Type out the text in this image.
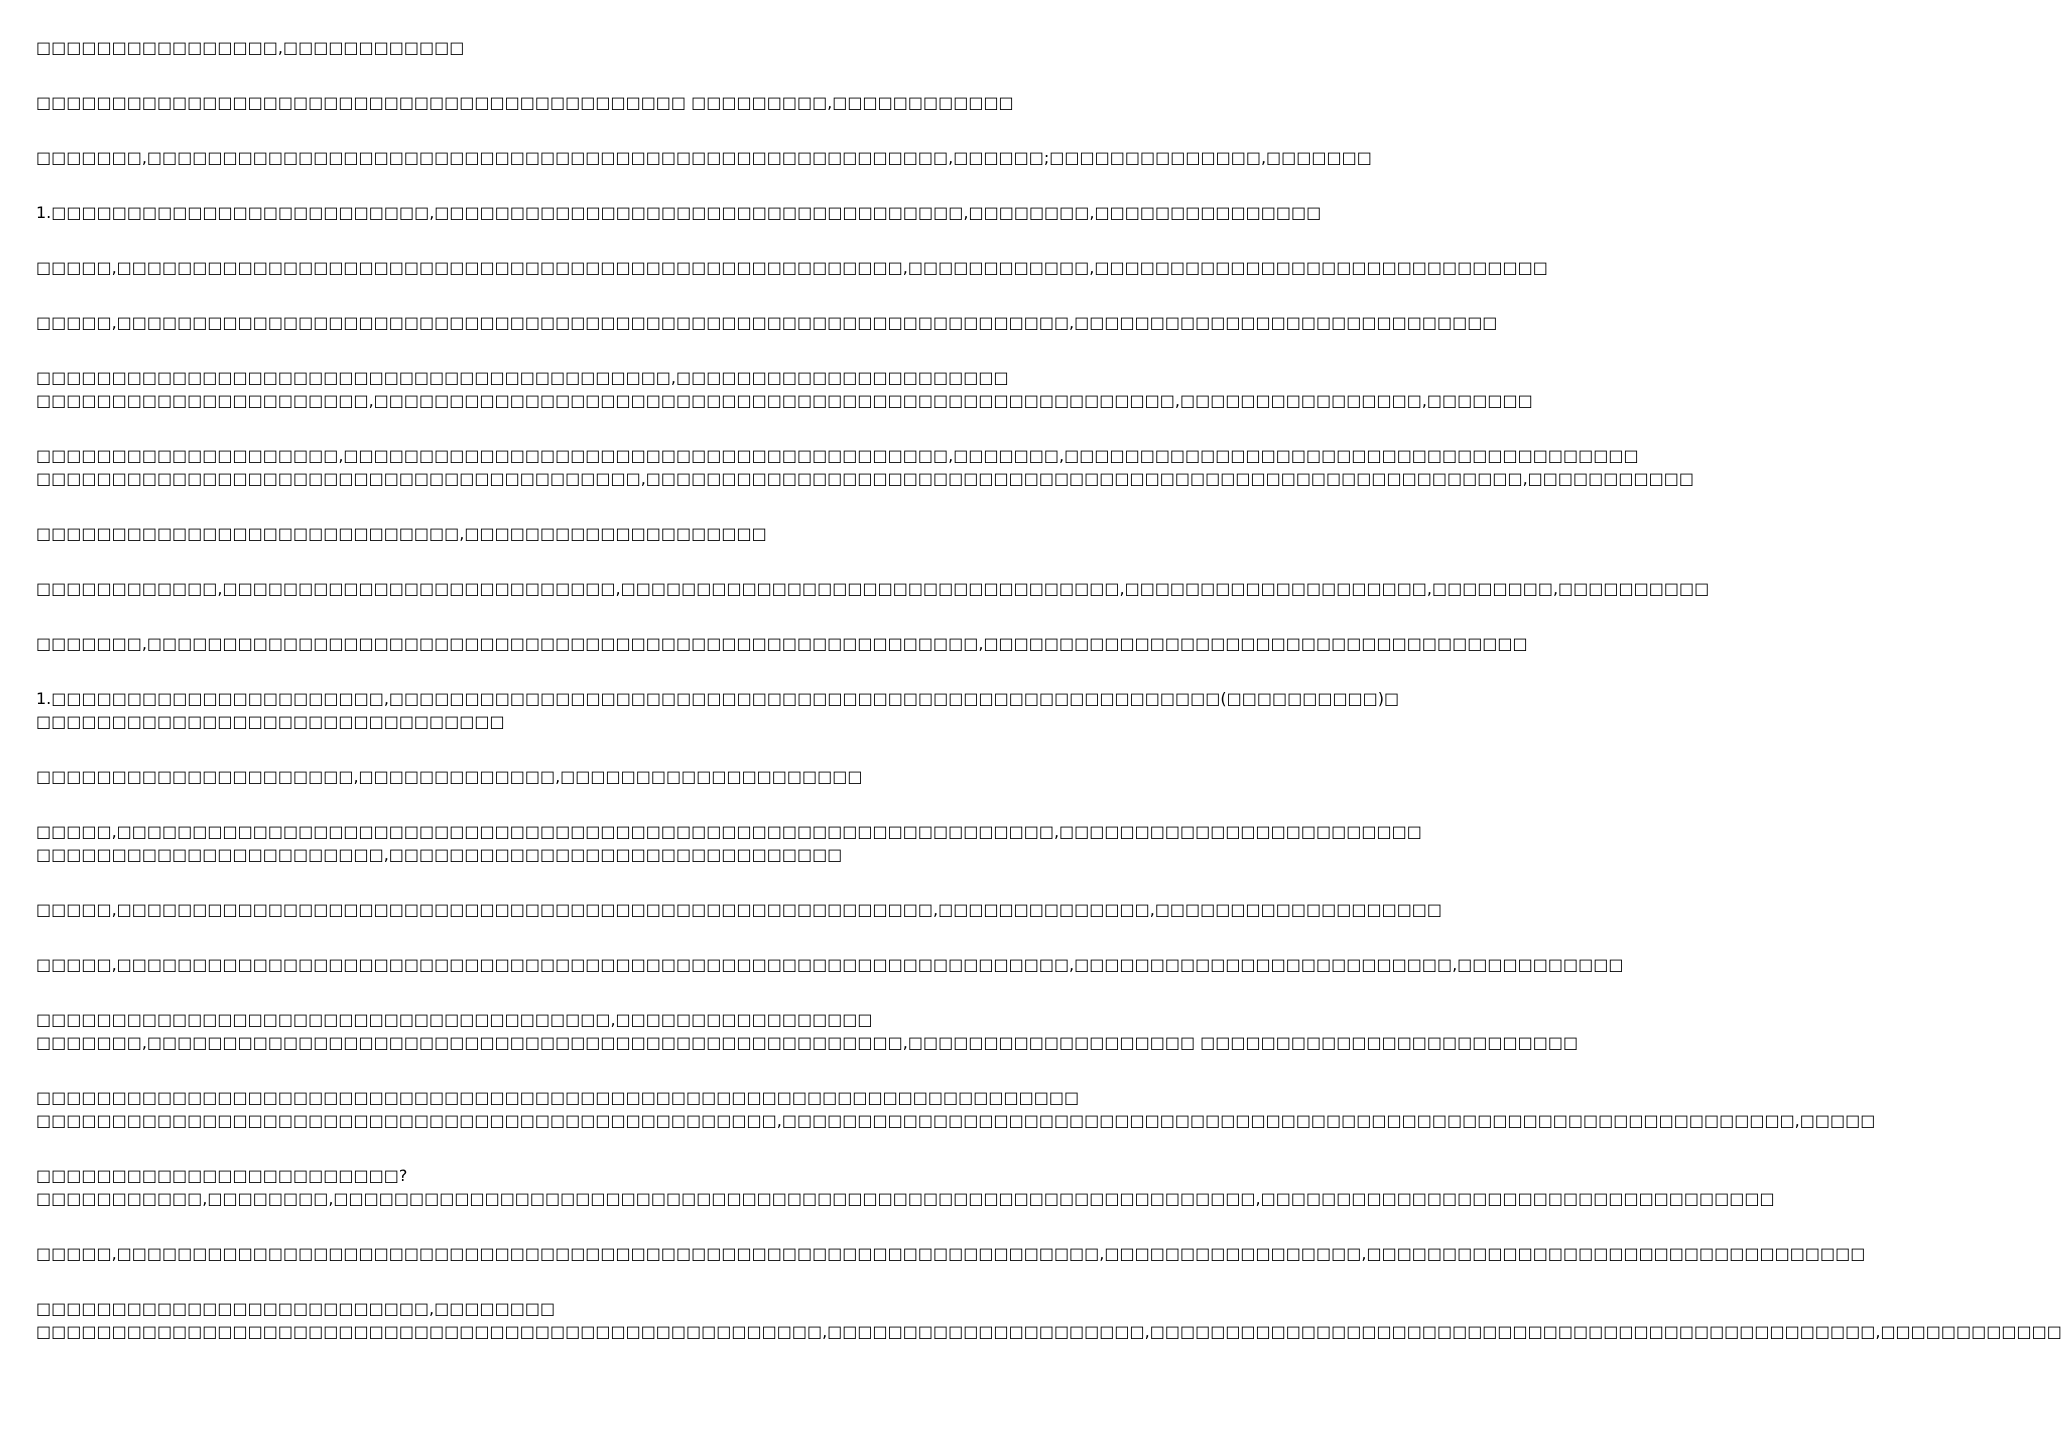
□□□□□□□□□□□□□□□□,□□□□□□□□□□□□
□□□□□□□□□□□□□□□□□□□□□□□□□□□□□□□□□□□□□□□□□□□ □□□□□□□□□,□□□□□□□□□□□□
□□□□□□□,□□□□□□□□□□□□□□□□□□□□□□□□□□□□□□□□□□□□□□□□□□□□□□□□□□□□□,□□□□□□;□□□□□□□□□□□□□□,□□□□□□□
1.□□□□□□□□□□□□□□□□□□□□□□□□□,□□□□□□□□□□□□□□□□□□□□□□□□□□□□□□□□□□□,□□□□□□□□,□□□□□□□□□□□□□□□
□□□□□,□□□□□□□□□□□□□□□□□□□□□□□□□□□□□□□□□□□□□□□□□□□□□□□□□□□□,□□□□□□□□□□□□,□□□□□□□□□□□□□□□□□□□□□□□□□□□□□□
□□□□□,□□□□□□□□□□□□□□□□□□□□□□□□□□□□□□□□□□□□□□□□□□□□□□□□□□□□□□□□□□□□□□□,□□□□□□□□□□□□□□□□□□□□□□□□□□□□
□□□□□□□□□□□□□□□□□□□□□□□□□□□□□□□□□□□□□□□□□□,□□□□□□□□□□□□□□□□□□□□□□
□□□□□□□□□□□□□□□□□□□□□□,□□□□□□□□□□□□□□□□□□□□□□□□□□□□□□□□□□□□□□□□□□□□□□□□□□□□□,□□□□□□□□□□□□□□□□,□□□□□□□
□□□□□□□□□□□□□□□□□□□□,□□□□□□□□□□□□□□□□□□□□□□□□□□□□□□□□□□□□□□□□,□□□□□□□,□□□□□□□□□□□□□□□□□□□□□□□□□□□□□□□□□□□□□□
□□□□□□□□□□□□□□□□□□□□□□□□□□□□□□□□□□□□□□□□,□□□□□□□□□□□□□□□□□□□□□□□□□□□□□□□□□□□□□□□□□□□□□□□□□□□□□□□□□□,□□□□□□□□□□□
□□□□□□□□□□□□□□□□□□□□□□□□□□□□,□□□□□□□□□□□□□□□□□□□□
□□□□□□□□□□□□,□□□□□□□□□□□□□□□□□□□□□□□□□□,□□□□□□□□□□□□□□□□□□□□□□□□□□□□□□□□□,□□□□□□□□□□□□□□□□□□□□,□□□□□□□□,□□□□□□□□□□
□□□□□□□,□□□□□□□□□□□□□□□□□□□□□□□□□□□□□□□□□□□□□□□□□□□□□□□□□□□□□□□,□□□□□□□□□□□□□□□□□□□□□□□□□□□□□□□□□□□□
1.□□□□□□□□□□□□□□□□□□□□□□,□□□□□□□□□□□□□□□□□□□□□□□□□□□□□□□□□□□□□□□□□□□□□□□□□□□□□□□(□□□□□□□□□□)□
□□□□□□□□□□□□□□□□□□□□□□□□□□□□□□□
□□□□□□□□□□□□□□□□□□□□□,□□□□□□□□□□□□□,□□□□□□□□□□□□□□□□□□□□
□□□□□,□□□□□□□□□□□□□□□□□□□□□□□□□□□□□□□□□□□□□□□□□□□□□□□□□□□□□□□□□□□□□□,□□□□□□□□□□□□□□□□□□□□□□□□
□□□□□□□□□□□□□□□□□□□□□□□,□□□□□□□□□□□□□□□□□□□□□□□□□□□□□□
□□□□□,□□□□□□□□□□□□□□□□□□□□□□□□□□□□□□□□□□□□□□□□□□□□□□□□□□□□□□,□□□□□□□□□□□□□□,□□□□□□□□□□□□□□□□□□□
□□□□□,□□□□□□□□□□□□□□□□□□□□□□□□□□□□□□□□□□□□□□□□□□□□□□□□□□□□□□□□□□□□□□□,□□□□□□□□□□□□□□□□□□□□□□□□□,□□□□□□□□□□□
□□□□□□□□□□□□□□□□□□□□□□□□□□□□□□□□□□□□□□,□□□□□□□□□□□□□□□□□
□□□□□□□,□□□□□□□□□□□□□□□□□□□□□□□□□□□□□□□□□□□□□□□□□□□□□□□□□□,□□□□□□□□□□□□□□□□□□□ □□□□□□□□□□□□□□□□□□□□□□□□□
□□□□□□□□□□□□□□□□□□□□□□□□□□□□□□□□□□□□□□□□□□□□□□□□□□□□□□□□□□□□□□□□□□□□□
□□□□□□□□□□□□□□□□□□□□□□□□□□□□□□□□□□□□□□□□□□□□□□□□□,□□□□□□□□□□□□□□□□□□□□□□□□□□□□□□□□□□□□□□□□□□□□□□□□□□□□□□□□□□□□□□□□□□□,□□□□□
□□□□□□□□□□□□□□□□□□□□□□□□?
□□□□□□□□□□□,□□□□□□□□,□□□□□□□□□□□□□□□□□□□□□□□□□□□□□□□□□□□□□□□□□□□□□□□□□□□□□□□□□□□□□,□□□□□□□□□□□□□□□□□□□□□□□□□□□□□□□□□□
□□□□□,□□□□□□□□□□□□□□□□□□□□□□□□□□□□□□□□□□□□□□□□□□□□□□□□□□□□□□□□□□□□□□□□□,□□□□□□□□□□□□□□□□□,□□□□□□□□□□□□□□□□□□□□□□□□□□□□□□□□□
□□□□□□□□□□□□□□□□□□□□□□□□□□,□□□□□□□□
□□□□□□□□□□□□□□□□□□□□□□□□□□□□□□□□□□□□□□□□□□□□□□□□□□□□,□□□□□□□□□□□□□□□□□□□□□,□□□□□□□□□□□□□□□□□□□□□□□□□□□□□□□□□□□□□□□□□□□□□□□□,□□□□□□□□□□□□
